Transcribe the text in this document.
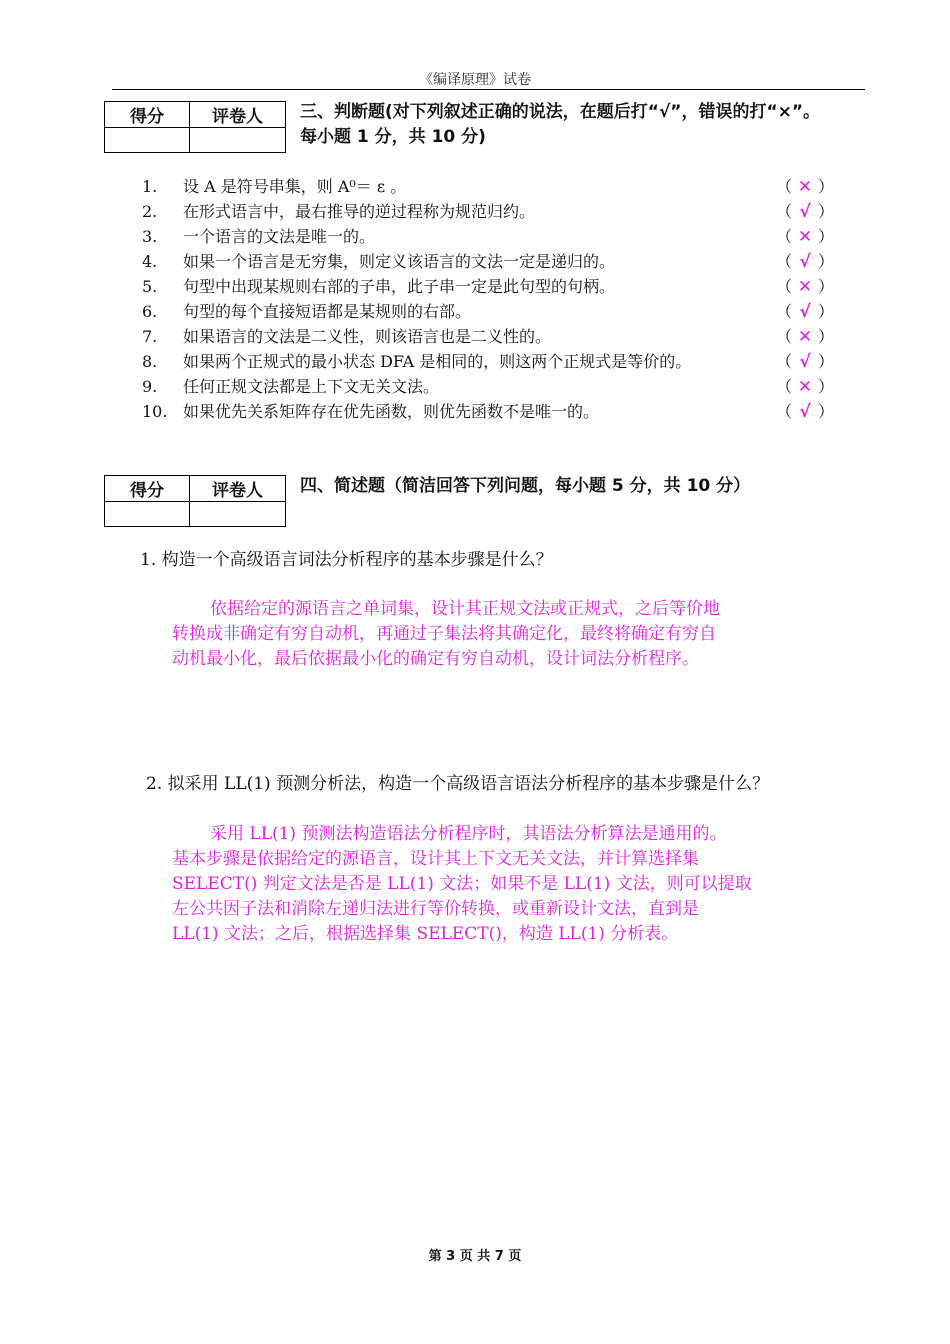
《编译原理》试卷
得分	评卷人
	三、判断题(对下列叙述正确的说法，在题后打“√”，错误的打“×”。
每小题 1 分，共 10 分)
1.	设 A 是符号串集，则 A⁰＝ ε 。	（ ✕ ）
2.	在形式语言中，最右推导的逆过程称为规范归约。	（ √ ）
3.	一个语言的文法是唯一的。	（ ✕ ）
4.	如果一个语言是无穷集，则定义该语言的文法一定是递归的。	（ √ ）
5.	句型中出现某规则右部的子串，此子串一定是此句型的句柄。	（ ✕ ）
6.	句型的每个直接短语都是某规则的右部。	（ √ ）
7.	如果语言的文法是二义性，则该语言也是二义性的。	（ ✕ ）
8.	如果两个正规式的最小状态 DFA 是相同的，则这两个正规式是等价的。	（ √ ）
9.	任何正规文法都是上下文无关文法。	（ ✕ ）
10. 如果优先关系矩阵存在优先函数，则优先函数不是唯一的。	（ √ ）
得分	评卷人
	四、简述题（简洁回答下列问题，每小题 5 分，共 10 分）
1. 构造一个高级语言词法分析程序的基本步骤是什么？

依据给定的源语言之单词集，设计其正规文法或正规式，之后等价地

转换成非确定有穷自动机，再通过子集法将其确定化，最终将确定有穷自

动机最小化，最后依据最小化的确定有穷自动机，设计词法分析程序。

2. 拟采用 LL(1) 预测分析法，构造一个高级语言语法分析程序的基本步骤是什么？

采用 LL(1) 预测法构造语法分析程序时，其语法分析算法是通用的。

基本步骤是依据给定的源语言，设计其上下文无关文法，并计算选择集

SELECT() 判定文法是否是 LL(1) 文法；如果不是 LL(1) 文法，则可以提取

左公共因子法和消除左递归法进行等价转换，或重新设计文法，直到是

LL(1) 文法；之后，根据选择集 SELECT()，构造 LL(1) 分析表。

第 3 页 共 7 页
